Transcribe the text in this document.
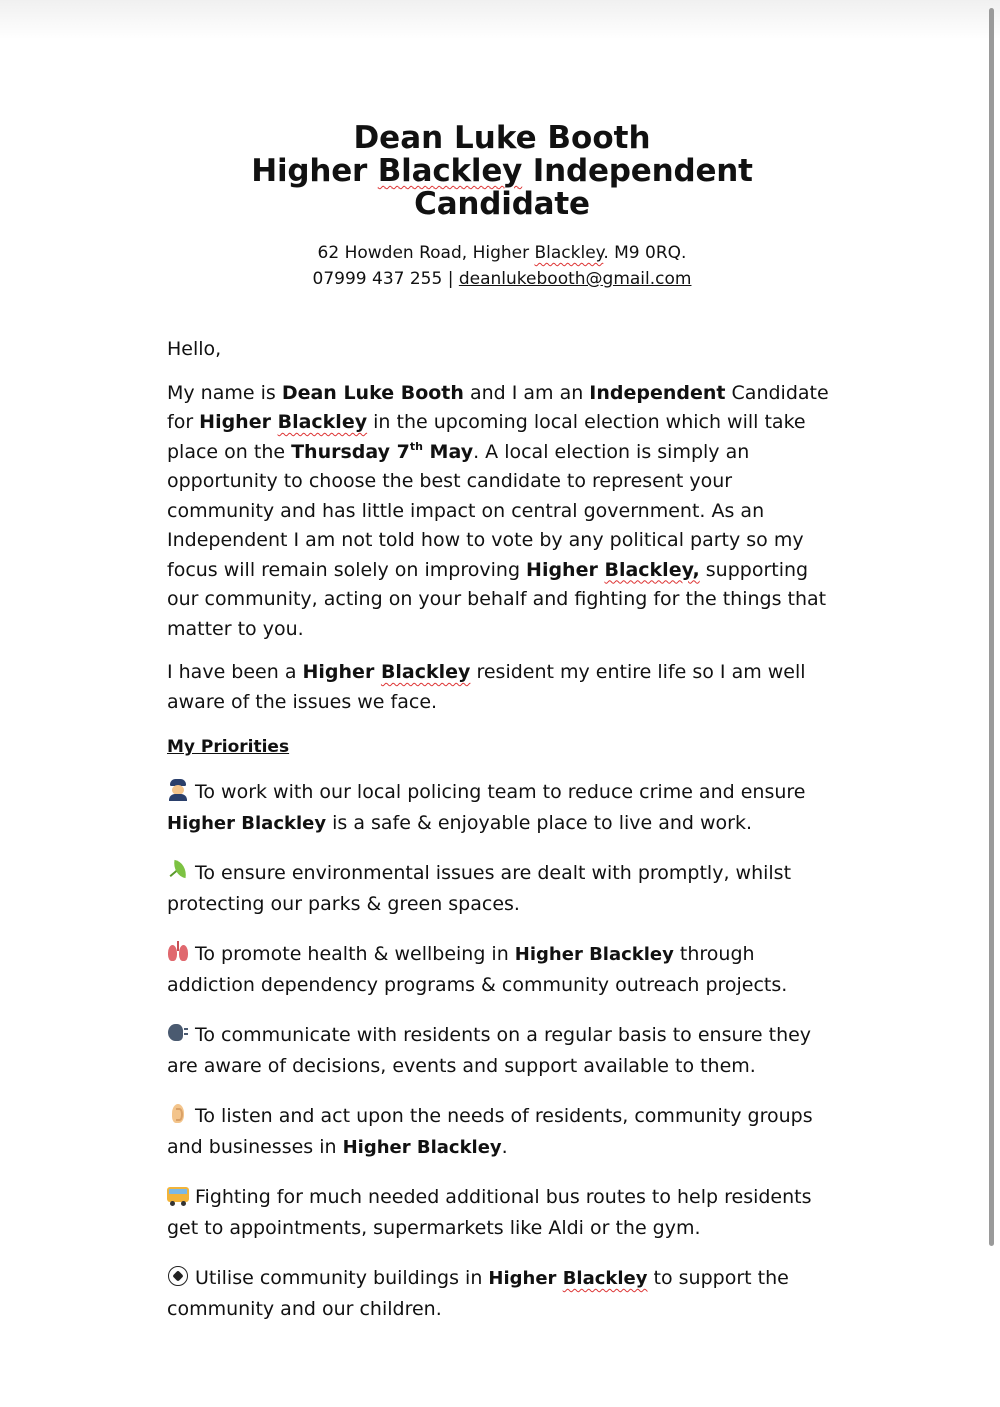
Dean Luke Booth
Higher Blackley Independent Candidate
62 Howden Road, Higher Blackley. M9 0RQ.
07999 437 255 | deanlukebooth@gmail.com

Hello,

My name is Dean Luke Booth and I am an Independent Candidate for Higher Blackley in the upcoming local election which will take place on the Thursday 7th May. A local election is simply an opportunity to choose the best candidate to represent your community and has little impact on central government. As an Independent I am not told how to vote by any political party so my focus will remain solely on improving Higher Blackley, supporting our community, acting on your behalf and fighting for the things that matter to you.

I have been a Higher Blackley resident my entire life so I am well aware of the issues we face.

My Priorities

To work with our local policing team to reduce crime and ensure Higher Blackley is a safe & enjoyable place to live and work.

To ensure environmental issues are dealt with promptly, whilst protecting our parks & green spaces.

To promote health & wellbeing in Higher Blackley through addiction dependency programs & community outreach projects.

To communicate with residents on a regular basis to ensure they are aware of decisions, events and support available to them.

To listen and act upon the needs of residents, community groups and businesses in Higher Blackley.

Fighting for much needed additional bus routes to help residents get to appointments, supermarkets like Aldi or the gym.

Utilise community buildings in Higher Blackley to support the community and our children.
